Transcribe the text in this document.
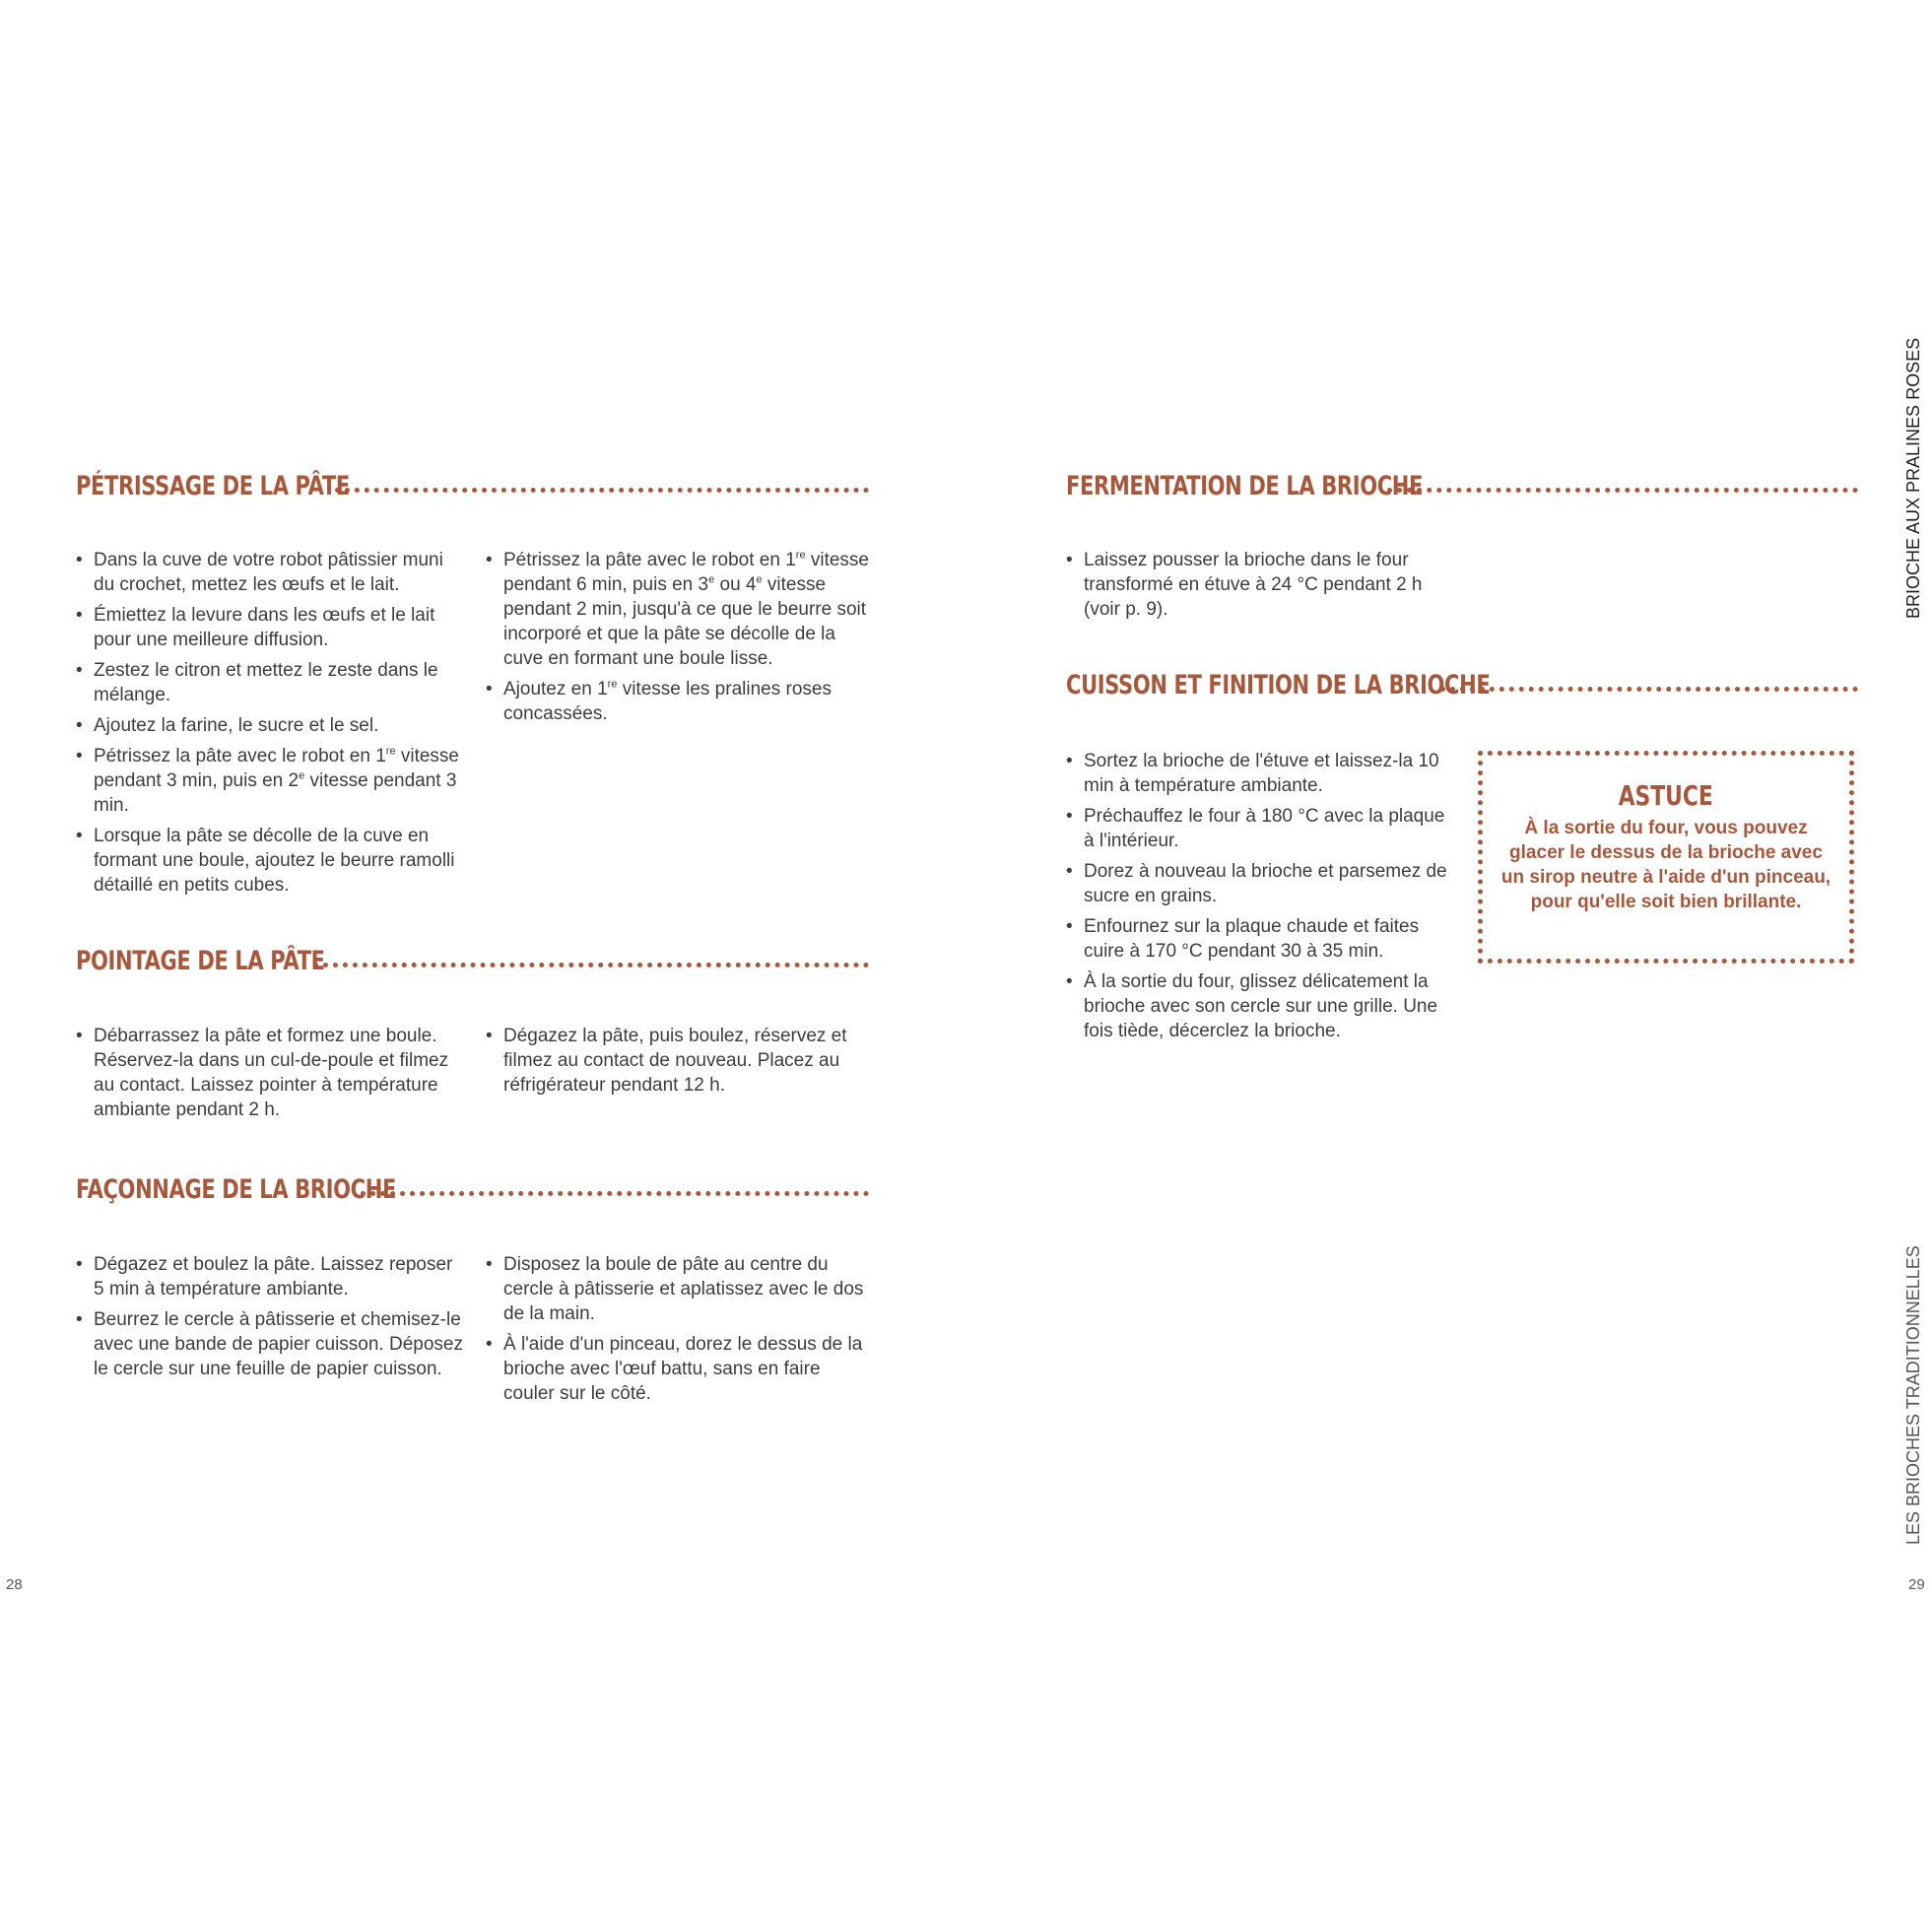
PÉTRISSAGE DE LA PÂTE
• Dans la cuve de votre robot pâtissier muni du crochet, mettez les œufs et le lait.
• Émiettez la levure dans les œufs et le lait pour une meilleure diffusion.
• Zestez le citron et mettez le zeste dans le mélange.
• Ajoutez la farine, le sucre et le sel.
• Pétrissez la pâte avec le robot en 1re vitesse pendant 3 min, puis en 2e vitesse pendant 3 min.
• Lorsque la pâte se décolle de la cuve en formant une boule, ajoutez le beurre ramolli détaillé en petits cubes.
• Pétrissez la pâte avec le robot en 1re vitesse pendant 6 min, puis en 3e ou 4e vitesse pendant 2 min, jusqu'à ce que le beurre soit incorporé et que la pâte se décolle de la cuve en formant une boule lisse.
• Ajoutez en 1re vitesse les pralines roses concassées.
POINTAGE DE LA PÂTE
• Débarrassez la pâte et formez une boule. Réservez-la dans un cul-de-poule et filmez au contact. Laissez pointer à température ambiante pendant 2 h.
• Dégazez la pâte, puis boulez, réservez et filmez au contact de nouveau. Placez au réfrigérateur pendant 12 h.
FAÇONNAGE DE LA BRIOCHE
• Dégazez et boulez la pâte. Laissez reposer 5 min à température ambiante.
• Beurrez le cercle à pâtisserie et chemisez-le avec une bande de papier cuisson. Déposez le cercle sur une feuille de papier cuisson.
• Disposez la boule de pâte au centre du cercle à pâtisserie et aplatissez avec le dos de la main.
• À l'aide d'un pinceau, dorez le dessus de la brioche avec l'œuf battu, sans en faire couler sur le côté.
28
FERMENTATION DE LA BRIOCHE
• Laissez pousser la brioche dans le four transformé en étuve à 24 °C pendant 2 h (voir p. 9).
CUISSON ET FINITION DE LA BRIOCHE
• Sortez la brioche de l'étuve et laissez-la 10 min à température ambiante.
• Préchauffez le four à 180 °C avec la plaque à l'intérieur.
• Dorez à nouveau la brioche et parsemez de sucre en grains.
• Enfournez sur la plaque chaude et faites cuire à 170 °C pendant 30 à 35 min.
• À la sortie du four, glissez délicatement la brioche avec son cercle sur une grille. Une fois tiède, décerclez la brioche.
ASTUCE
À la sortie du four, vous pouvez glacer le dessus de la brioche avec un sirop neutre à l'aide d'un pinceau, pour qu'elle soit bien brillante.
BRIOCHE AUX PRALINES ROSES
LES BRIOCHES TRADITIONNELLES
29
